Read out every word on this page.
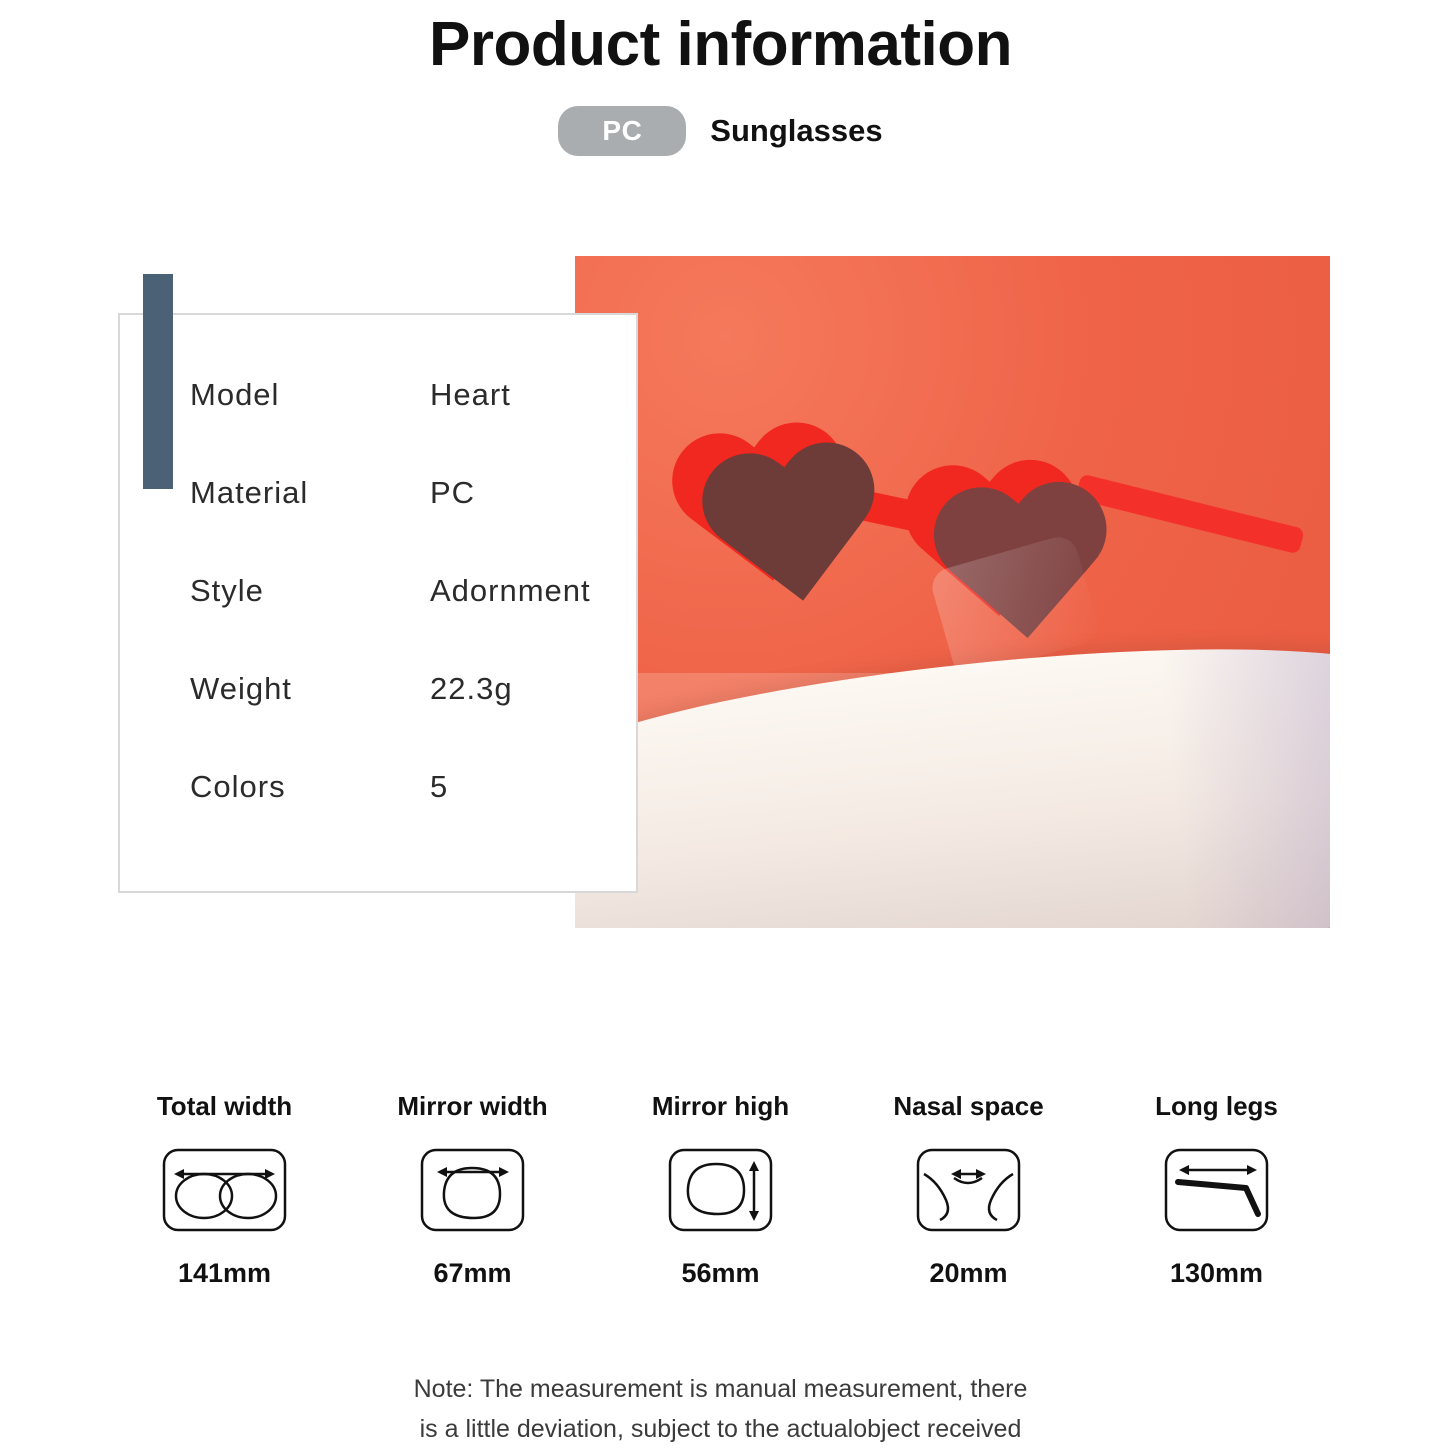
Product information
PC	Sunglasses
Model	Heart
Material	PC
Style	Adornment
Weight	22.3g
Colors	5
Total width
141mm
Mirror width
67mm
Mirror high
56mm
Nasal space
20mm
Long legs
130mm
Note: The measurement is manual measurement, there
is a little deviation, subject to the actualobject received
